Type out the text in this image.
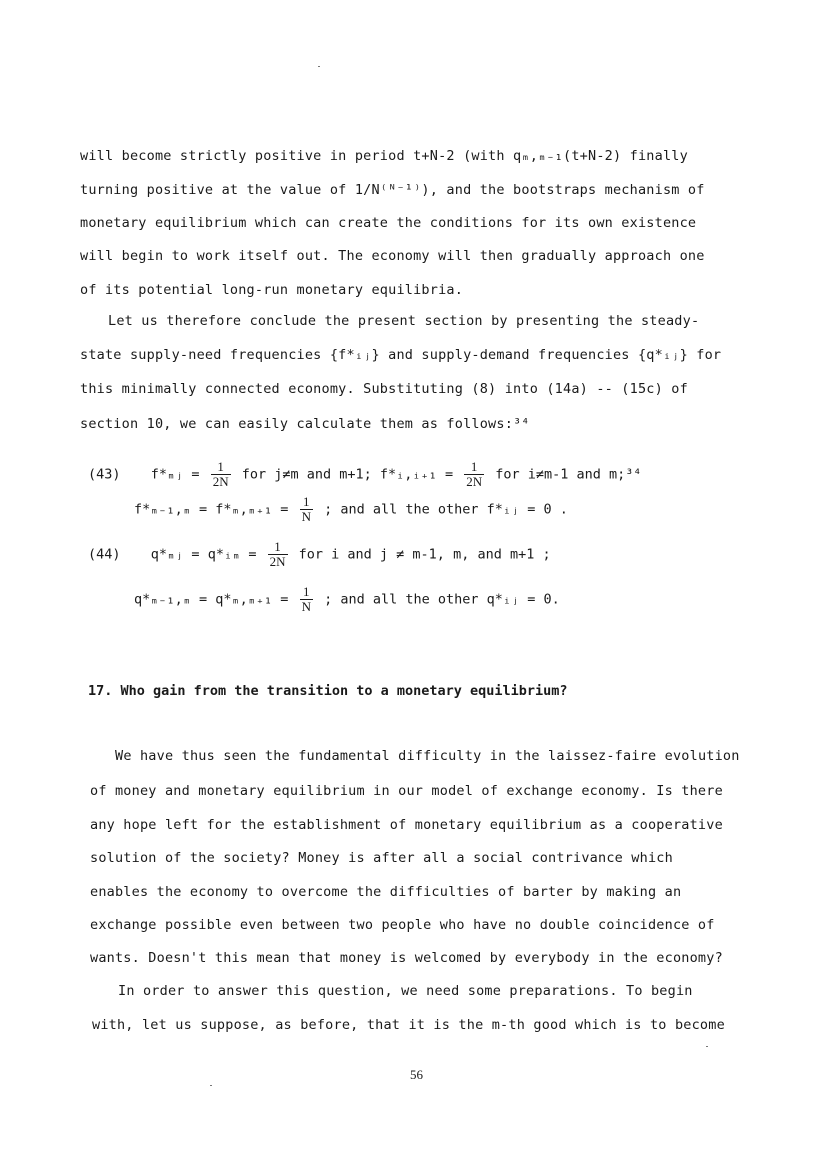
will become strictly positive in period t+N-2 (with qₘ,ₘ₋₁(t+N-2) finally
turning positive at the value of 1/N⁽ᴺ⁻¹⁾), and the bootstraps mechanism of
monetary equilibrium which can create the conditions for its own existence
will begin to work itself out. The economy will then gradually approach one
of its potential long-run monetary equilibria.
Let us therefore conclude the present section by presenting the steady-
state supply-need frequencies {f*ᵢⱼ} and supply-demand frequencies {q*ᵢⱼ} for
this minimally connected economy. Substituting (8) into (14a) -- (15c) of
section 10, we can easily calculate them as follows:³⁴
(43) f*ₘⱼ = $\frac{1}{2N}$ for j≠m and m+1; f*ᵢ,ᵢ₊₁ = $\frac{1}{2N}$ for i≠m-1 and m;³⁴
$f*_{m-1},_m = f*_m,_{m+1} = \frac{1}{N}$ ; and all the other f*ᵢⱼ = 0 .
(44) q*ₘⱼ = q*ᵢₘ = $\frac{1}{2N}$ for i and j ≠ m-1, m, and m+1 ;
$q*_{m-1},_m = q*_m,_{m+1} = \frac{1}{N}$ ; and all the other q*ᵢⱼ = 0.
17. Who gain from the transition to a monetary equilibrium?
We have thus seen the fundamental difficulty in the laissez-faire evolution
of money and monetary equilibrium in our model of exchange economy. Is there
any hope left for the establishment of monetary equilibrium as a cooperative
solution of the society? Money is after all a social contrivance which
enables the economy to overcome the difficulties of barter by making an
exchange possible even between two people who have no double coincidence of
wants. Doesn't this mean that money is welcomed by everybody in the economy?
In order to answer this question, we need some preparations. To begin
with, let us suppose, as before, that it is the m-th good which is to become
56
